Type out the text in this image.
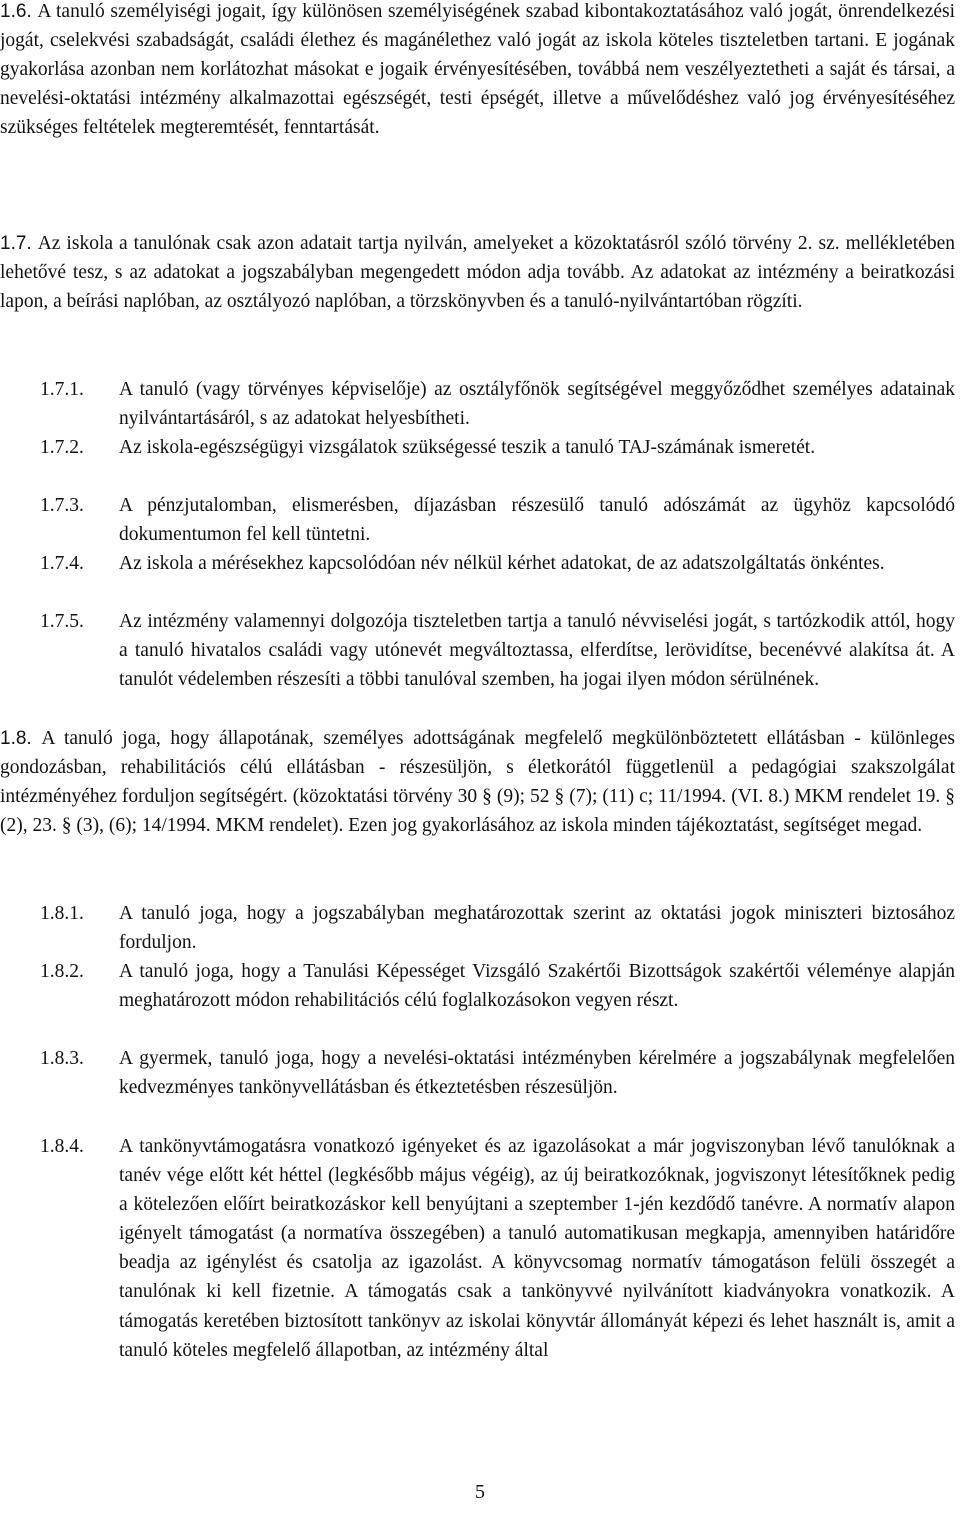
1.6. A tanuló személyiségi jogait, így különösen személyiségének szabad kibontakoztatásához való jogát, önrendelkezési jogát, cselekvési szabadságát, családi élethez és magánélethez való jogát az iskola köteles tiszteletben tartani. E jogának gyakorlása azonban nem korlátozhat másokat e jogaik érvényesítésében, továbbá nem veszélyeztetheti a saját és társai, a nevelési-oktatási intézmény alkalmazottai egészségét, testi épségét, illetve a művelődéshez való jog érvényesítéséhez szükséges feltételek megteremtését, fenntartását.
1.7. Az iskola a tanulónak csak azon adatait tartja nyilván, amelyeket a közoktatásról szóló törvény 2. sz. mellékletében lehetővé tesz, s az adatokat a jogszabályban megengedett módon adja tovább. Az adatokat az intézmény a beiratkozási lapon, a beírási naplóban, az osztályozó naplóban, a törzskönyvben és a tanuló-nyilvántartóban rögzíti.
1.7.1.	A tanuló (vagy törvényes képviselője) az osztályfőnök segítségével meggyőződhet személyes adatainak nyilvántartásáról, s az adatokat helyesbítheti.
1.7.2.	Az iskola-egészségügyi vizsgálatok szükségessé teszik a tanuló TAJ-számának ismeretét.
1.7.3.	A pénzjutalomban, elismerésben, díjazásban részesülő tanuló adószámát az ügyhöz kapcsolódó dokumentumon fel kell tüntetni.
1.7.4.	Az iskola a mérésekhez kapcsolódóan név nélkül kérhet adatokat, de az adatszolgáltatás önkéntes.
1.7.5.	Az intézmény valamennyi dolgozója tiszteletben tartja a tanuló névviselési jogát, s tartózkodik attól, hogy a tanuló hivatalos családi vagy utónevét megváltoztassa, elferdítse, lerövidítse, becenévvé alakítsa át. A tanulót védelemben részesíti a többi tanulóval szemben, ha jogai ilyen módon sérülnének.
1.8. A tanuló joga, hogy állapotának, személyes adottságának megfelelő megkülönböztetett ellátásban - különleges gondozásban, rehabilitációs célú ellátásban - részesüljön, s életkorától függetlenül a pedagógiai szakszolgálat intézményéhez forduljon segítségért. (közoktatási törvény 30 § (9); 52 § (7); (11) c; 11/1994. (VI. 8.) MKM rendelet 19. § (2), 23. § (3), (6); 14/1994. MKM rendelet). Ezen jog gyakorlásához az iskola minden tájékoztatást, segítséget megad.
1.8.1.	A tanuló joga, hogy a jogszabályban meghatározottak szerint az oktatási jogok miniszteri biztosához forduljon.
1.8.2.	A tanuló joga, hogy a Tanulási Képességet Vizsgáló Szakértői Bizottságok szakértői véleménye alapján meghatározott módon rehabilitációs célú foglalkozásokon vegyen részt.
1.8.3.	A gyermek, tanuló joga, hogy a nevelési-oktatási intézményben kérelmére a jogszabálynak megfelelően kedvezményes tankönyvellátásban és étkeztetésben részesüljön.
1.8.4.	A tankönyvtámogatásra vonatkozó igényeket és az igazolásokat a már jogviszonyban lévő tanulóknak a tanév vége előtt két héttel (legkésőbb május végéig), az új beiratkozóknak, jogviszonyt létesítőknek pedig a kötelezően előírt beiratkozáskor kell benyújtani a szeptember 1-jén kezdődő tanévre. A normatív alapon igényelt támogatást (a normatíva összegében) a tanuló automatikusan megkapja, amennyiben határidőre beadja az igénylést és csatolja az igazolást. A könyvcsomag normatív támogatáson felüli összegét a tanulónak ki kell fizetnie. A támogatás csak a tankönyvvé nyilvánított kiadványokra vonatkozik. A támogatás keretében biztosított tankönyv az iskolai könyvtár állományát képezi és lehet használt is, amit a tanuló köteles megfelelő állapotban, az intézmény által
5
